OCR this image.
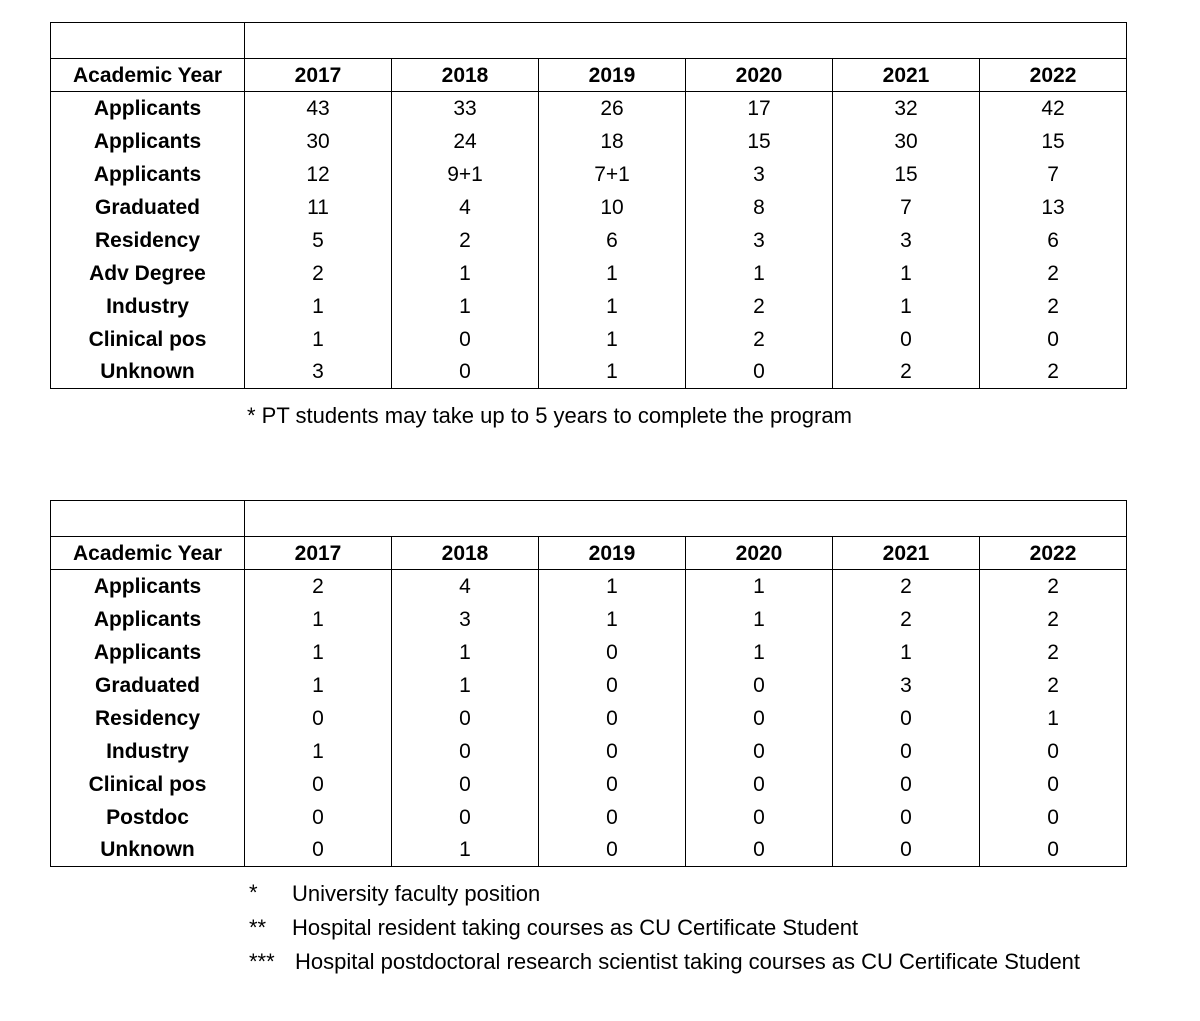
Academic Year	2017	2018	2019	2020	2021	2022
Applicants	43	33	26	17	32	42
Applicants	30	24	18	15	30	15
Applicants	12	9+1	7+1	3	15	7
Graduated	11	4	10	8	7	13
Residency	5	2	6	3	3	6
Adv Degree	2	1	1	1	1	2
Industry	1	1	1	2	1	2
Clinical pos	1	0	1	2	0	0
Unknown	3	0	1	0	2	2
* PT students may take up to 5 years to complete the program

Academic Year	2017	2018	2019	2020	2021	2022
Applicants	2	4	1	1	2	2
Applicants	1	3	1	1	2	2
Applicants	1	1	0	1	1	2
Graduated	1	1	0	0	3	2
Residency	0	0	0	0	0	1
Industry	1	0	0	0	0	0
Clinical pos	0	0	0	0	0	0
Postdoc	0	0	0	0	0	0
Unknown	0	1	0	0	0	0
* University faculty position
** Hospital resident taking courses as CU Certificate Student
*** Hospital postdoctoral research scientist taking courses as CU Certificate Student
